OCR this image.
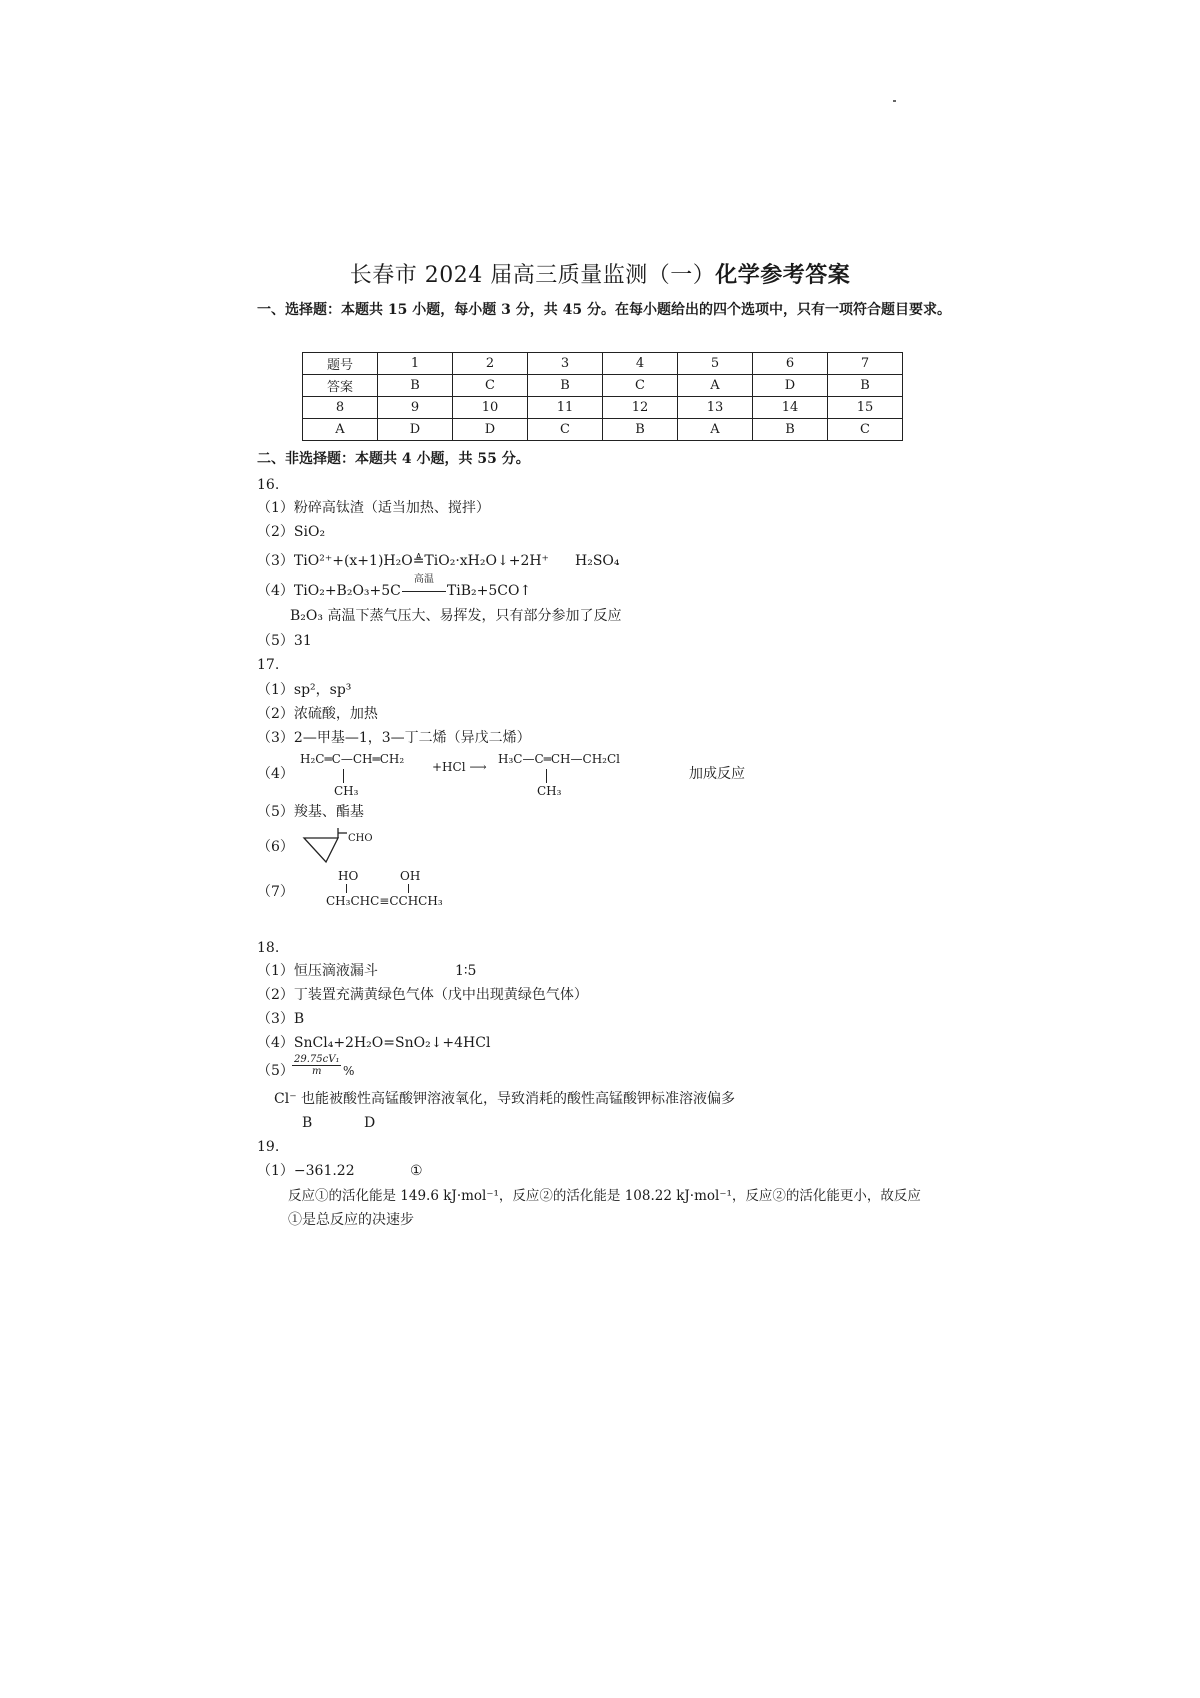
长春市 2024 届高三质量监测（一）化学参考答案
一、选择题：本题共 15 小题，每小题 3 分，共 45 分。在每小题给出的四个选项中，只有一项符合题目要求。
题号	1	2	3	4	5	6	7
答案	B	C	B	C	A	D	B
8	9	10	11	12	13	14	15
A	D	D	C	B	A	B	C
二、非选择题：本题共 4 小题，共 55 分。
16.
（1）粉碎高钛渣（适当加热、搅拌）
（2）SiO₂
（3）TiO²⁺+(x+1)H₂O≜TiO₂·xH₂O↓+2H⁺ H₂SO₄
（4）TiO₂+B₂O₃+5C
高温
TiB₂+5CO↑
B₂O₃ 高温下蒸气压大、易挥发，只有部分参加了反应
（5）31
17.
（1）sp²，sp³
（2）浓硫酸，加热
（3）2—甲基—1，3—丁二烯（异戊二烯）
（4）
H₂C═C—CH═CH₂
CH₃
+HCl ⟶
H₃C—C═CH—CH₂Cl
CH₃
加成反应
（5）羧基、酯基
（6）
CHO
（7）
HO	OH
CH₃CHC≡CCHCH₃
18.
（1）恒压滴液漏斗	1∶5
（2）丁装置充满黄绿色气体（戊中出现黄绿色气体）
（3）B
（4）SnCl₄+2H₂O=SnO₂↓+4HCl
（5）
$\frac{\text{29.75cV₁}}{m}$ %
Cl⁻ 也能被酸性高锰酸钾溶液氧化，导致消耗的酸性高锰酸钾标准溶液偏多
B	D
19.
（1）−361.22	①
反应①的活化能是 149.6 kJ·mol⁻¹，反应②的活化能是 108.22 kJ·mol⁻¹，反应②的活化能更小，故反应
①是总反应的决速步
